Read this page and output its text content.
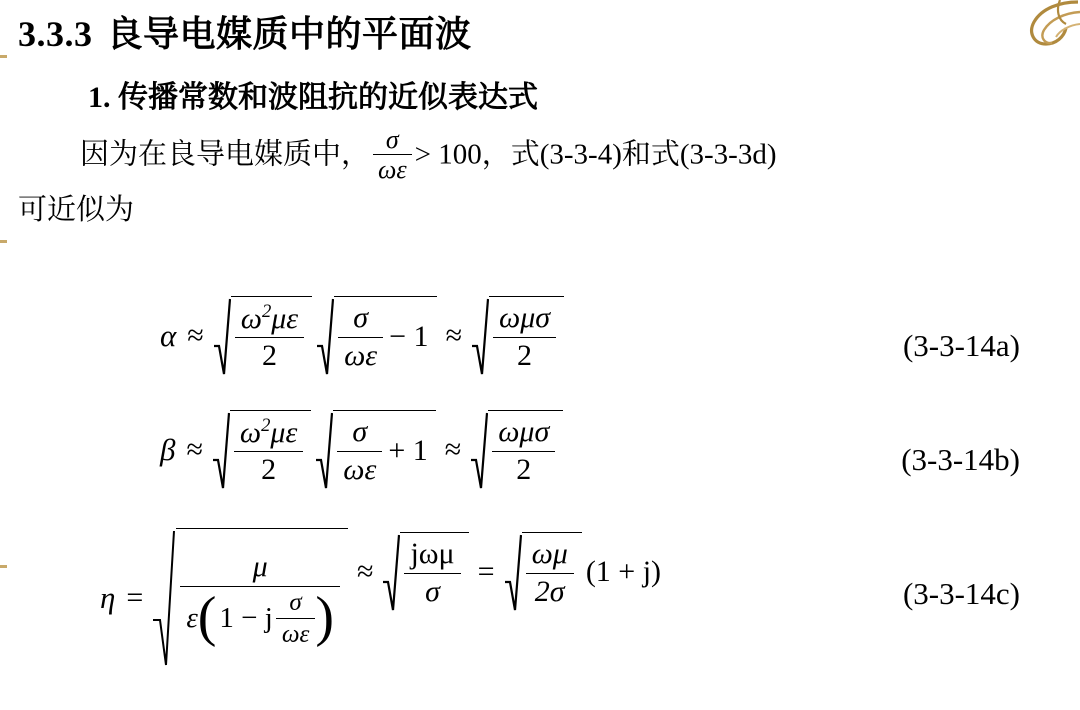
3.3.3 良导电媒质中的平面波
1. 传播常数和波阻抗的近似表达式
因为在良导电媒质中， $\frac{\sigma}{\omega\varepsilon} > 100$，式(3-3-4)和式(3-3-3d)
可近似为
α ≈
$\omega^2\mu\varepsilon$
2
σ
ωε
− 1 ≈
ωμσ
2	(3-3-14a)
β ≈
$\omega^2\mu\varepsilon$
2
σ
ωε
+ 1 ≈
ωμσ
2	(3-3-14b)
η =
μ
ε ( 1 − j σ
ωε )
≈
jωμ
σ
=
ωμ
2σ
(1 + j)
(3-3-14c)
